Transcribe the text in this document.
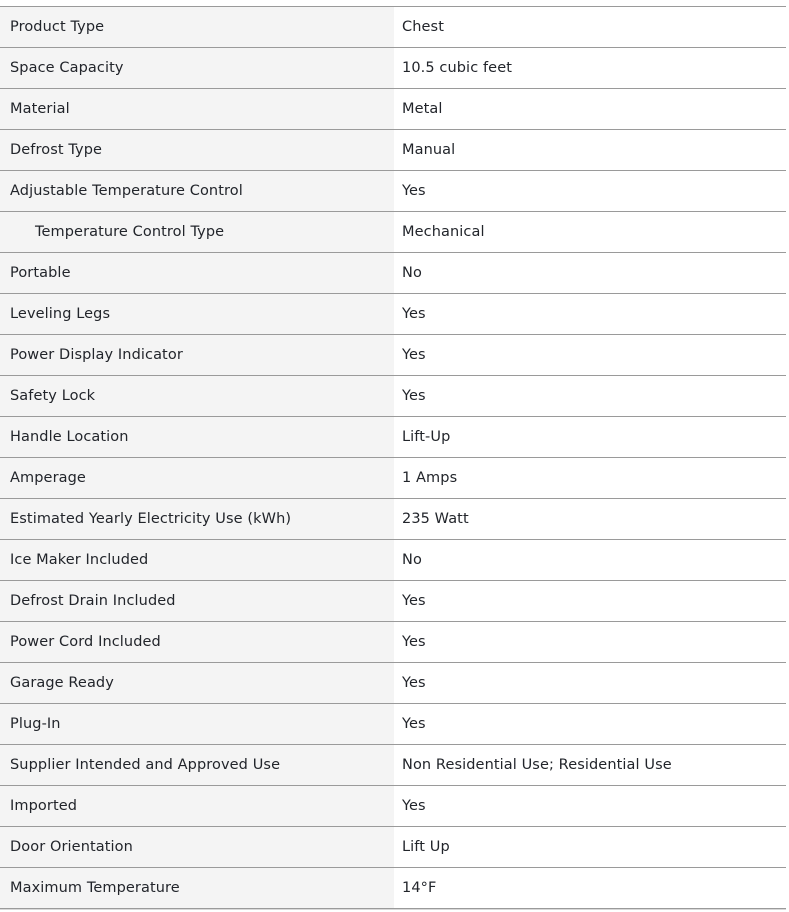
Product Type	Chest
Space Capacity	10.5 cubic feet
Material	Metal
Defrost Type	Manual
Adjustable Temperature Control	Yes
Temperature Control Type	Mechanical
Portable	No
Leveling Legs	Yes
Power Display Indicator	Yes
Safety Lock	Yes
Handle Location	Lift-Up
Amperage	1 Amps
Estimated Yearly Electricity Use (kWh)	235 Watt
Ice Maker Included	No
Defrost Drain Included	Yes
Power Cord Included	Yes
Garage Ready	Yes
Plug-In	Yes
Supplier Intended and Approved Use	Non Residential Use; Residential Use
Imported	Yes
Door Orientation	Lift Up
Maximum Temperature	14°F
